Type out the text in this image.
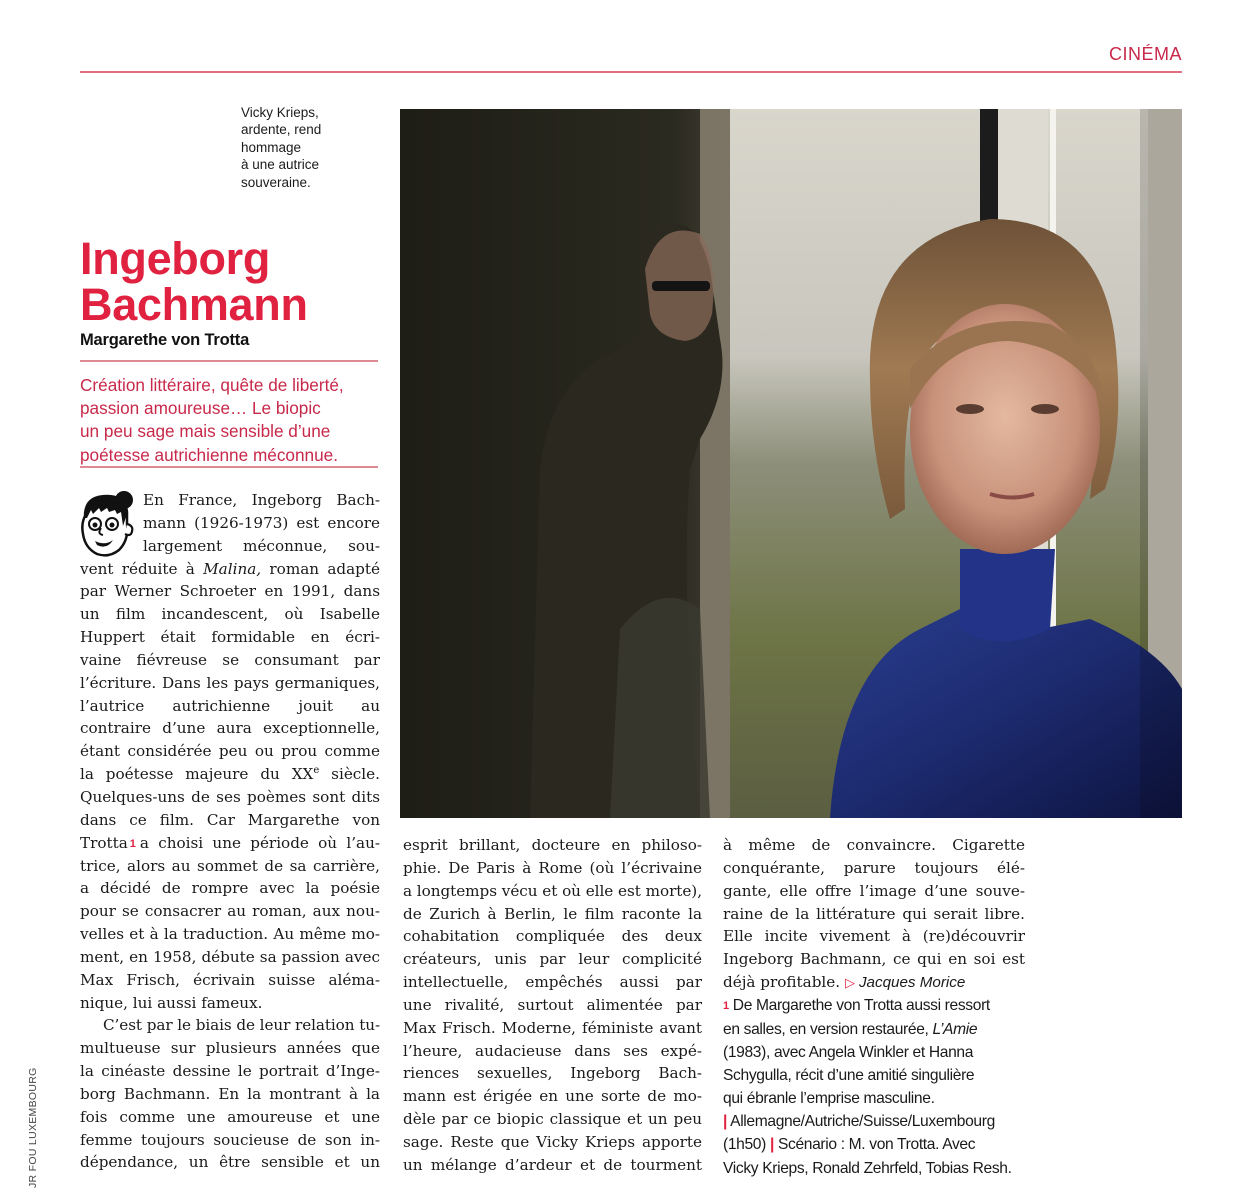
CINÉMA
Vicky Krieps,
ardente, rend
hommage
à une autrice
souveraine.
Ingeborg
Bachmann
Margarethe von Trotta
Création littéraire, quête de liberté,
passion amoureuse… Le biopic
un peu sage mais sensible d’une
poétesse autrichienne méconnue.
En France, Ingeborg Bach-
mann (1926-1973) est encore
largement méconnue, sou-
vent réduite à Malina, roman adapté
par Werner Schroeter en 1991, dans
un film incandescent, où Isabelle
Huppert était formidable en écri-
vaine fiévreuse se consumant par
l’écriture. Dans les pays germaniques,
l’autrice autrichienne jouit au
contraire d’une aura exceptionnelle,
étant considérée peu ou prou comme
la poétesse majeure du XXe siècle.
Quelques-uns de ses poèmes sont dits
dans ce film. Car Margarethe von
Trotta 1 a choisi une période où l’au-
trice, alors au sommet de sa carrière,
a décidé de rompre avec la poésie
pour se consacrer au roman, aux nou-
velles et à la traduction. Au même mo-
ment, en 1958, débute sa passion avec
Max Frisch, écrivain suisse aléma-
nique, lui aussi fameux.
C’est par le biais de leur relation tu-
multueuse sur plusieurs années que
la cinéaste dessine le portrait d’Inge-
borg Bachmann. En la montrant à la
fois comme une amoureuse et une
femme toujours soucieuse de son in-
dépendance, un être sensible et un
esprit brillant, docteure en philoso-
phie. De Paris à Rome (où l’écrivaine
a longtemps vécu et où elle est morte),
de Zurich à Berlin, le film raconte la
cohabitation compliquée des deux
créateurs, unis par leur complicité
intellectuelle, empêchés aussi par
une rivalité, surtout alimentée par
Max Frisch. Moderne, féministe avant
l’heure, audacieuse dans ses expé-
riences sexuelles, Ingeborg Bach-
mann est érigée en une sorte de mo-
dèle par ce biopic classique et un peu
sage. Reste que Vicky Krieps apporte
un mélange d’ardeur et de tourment
à même de convaincre. Cigarette
conquérante, parure toujours élé-
gante, elle offre l’image d’une souve-
raine de la littérature qui serait libre.
Elle incite vivement à (re)découvrir
Ingeborg Bachmann, ce qui en soi est
déjà profitable. ▷ Jacques Morice
1 De Margarethe von Trotta aussi ressort
en salles, en version restaurée, L’Amie
(1983), avec Angela Winkler et Hanna
Schygulla, récit d’une amitié singulière
qui ébranle l’emprise masculine.
| Allemagne/Autriche/Suisse/Luxembourg
(1h50) | Scénario : M. von Trotta. Avec
Vicky Krieps, Ronald Zehrfeld, Tobias Resh.
JR FOU LUXEMBOURG
